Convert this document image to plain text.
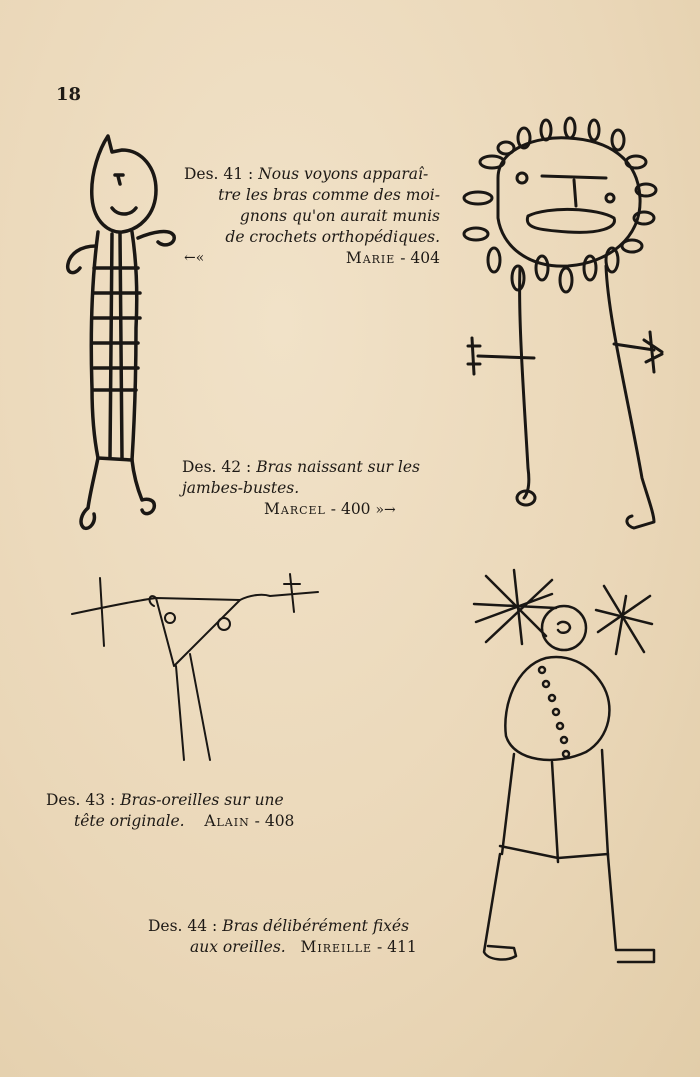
18
Des. 41 : Nous voyons apparaî-
tre les bras comme des moi-
gnons qu'on aurait munis
de crochets orthopédiques.
←«	Marie - 404
Des. 42 : Bras naissant sur les
jambes-bustes.
Marcel - 400 »→
Des. 43 : Bras-oreilles sur une
tête originale. Alain - 408
Des. 44 : Bras délibérément fixés
aux oreilles. Mireille - 411
